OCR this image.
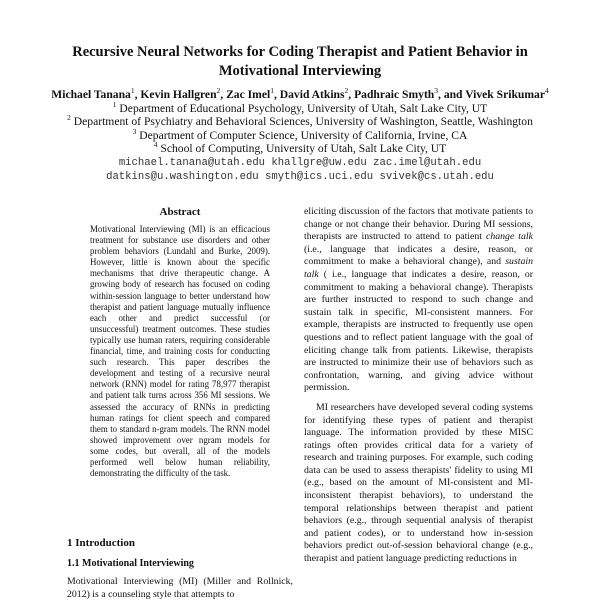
Recursive Neural Networks for Coding Therapist and Patient Behavior in Motivational Interviewing
Michael Tanana$^1$, Kevin Hallgren$^2$, Zac Imel$^1$, David Atkins$^2$, Padhraic Smyth$^3$, and Vivek Srikumar$^4$
$^1$ Department of Educational Psychology, University of Utah, Salt Lake City, UT
$^2$ Department of Psychiatry and Behavioral Sciences, University of Washington, Seattle, Washington
$^3$ Department of Computer Science, University of California, Irvine, CA
$^4$ School of Computing, University of Utah, Salt Lake City, UT
michael.tanana@utah.edu khallgre@uw.edu zac.imel@utah.edu
datkins@u.washington.edu smyth@ics.uci.edu svivek@cs.utah.edu
Abstract
Motivational Interviewing (MI) is an efficacious treatment for substance use disorders and other problem behaviors (Lundahl and Burke, 2009). However, little is known about the specific mechanisms that drive therapeutic change. A growing body of research has focused on coding within-session language to better understand how therapist and patient language mutually influence each other and predict successful (or unsuccessful) treatment outcomes. These studies typically use human raters, requiring considerable financial, time, and training costs for conducting such research. This paper describes the development and testing of a recursive neural network (RNN) model for rating 78,977 therapist and patient talk turns across 356 MI sessions. We assessed the accuracy of RNNs in predicting human ratings for client speech and compared them to standard n-gram models. The RNN model showed improvement over ngram models for some codes, but overall, all of the models performed well below human reliability, demonstrating the difficulty of the task.
1 Introduction
1.1 Motivational Interviewing

Motivational Interviewing (MI) (Miller and Rollnick, 2012) is a counseling style that attempts to

eliciting discussion of the factors that motivate patients to change or not change their behavior. During MI sessions, therapists are instructed to attend to patient change talk (i.e., language that indicates a desire, reason, or commitment to make a behavioral change), and sustain talk ( i.e., language that indicates a desire, reason, or commitment to making a behavioral change). Therapists are further instructed to respond to such change and sustain talk in specific, MI-consistent manners. For example, therapists are instructed to frequently use open questions and to reflect patient language with the goal of eliciting change talk from patients. Likewise, therapists are instructed to minimize their use of behaviors such as confrontation, warning, and giving advice without permission.

MI researchers have developed several coding systems for identifying these types of patient and therapist language. The information provided by these MISC ratings often provides critical data for a variety of research and training purposes. For example, such coding data can be used to assess therapists' fidelity to using MI (e.g., based on the amount of MI-consistent and MI-inconsistent therapist behaviors), to understand the temporal relationships between therapist and patient behaviors (e.g., through sequential analysis of therapist and patient codes), or to understand how in-session behaviors predict out-of-session behavioral change (e.g., therapist and patient language predicting reductions in
